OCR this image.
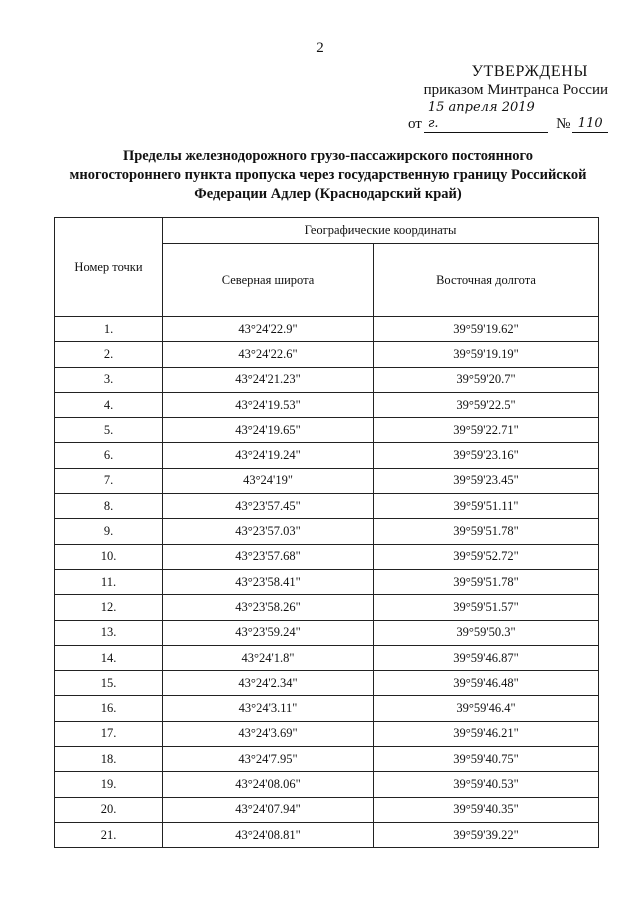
2
УТВЕРЖДЕНЫ
приказом Минтранса России
от
15 апреля 2019 г.	№ 110
Пределы железнодорожного грузо-пассажирского постоянного
многостороннего пункта пропуска через государственную границу Российской
Федерации Адлер (Краснодарский край)
Номер точки	Географические координаты	
	Северная широта	Восточная долгота
1.	43°24'22.9"	39°59'19.62"
2.	43°24'22.6"	39°59'19.19"
3.	43°24'21.23"	39°59'20.7"
4.	43°24'19.53"	39°59'22.5"
5.	43°24'19.65"	39°59'22.71"
6.	43°24'19.24"	39°59'23.16"
7.	43°24'19"	39°59'23.45"
8.	43°23'57.45"	39°59'51.11"
9.	43°23'57.03"	39°59'51.78"
10.	43°23'57.68"	39°59'52.72"
11.	43°23'58.41"	39°59'51.78"
12.	43°23'58.26"	39°59'51.57"
13.	43°23'59.24"	39°59'50.3"
14.	43°24'1.8"	39°59'46.87"
15.	43°24'2.34"	39°59'46.48"
16.	43°24'3.11"	39°59'46.4"
17.	43°24'3.69"	39°59'46.21"
18.	43°24'7.95"	39°59'40.75"
19.	43°24'08.06"	39°59'40.53"
20.	43°24'07.94"	39°59'40.35"
21.	43°24'08.81"	39°59'39.22"
